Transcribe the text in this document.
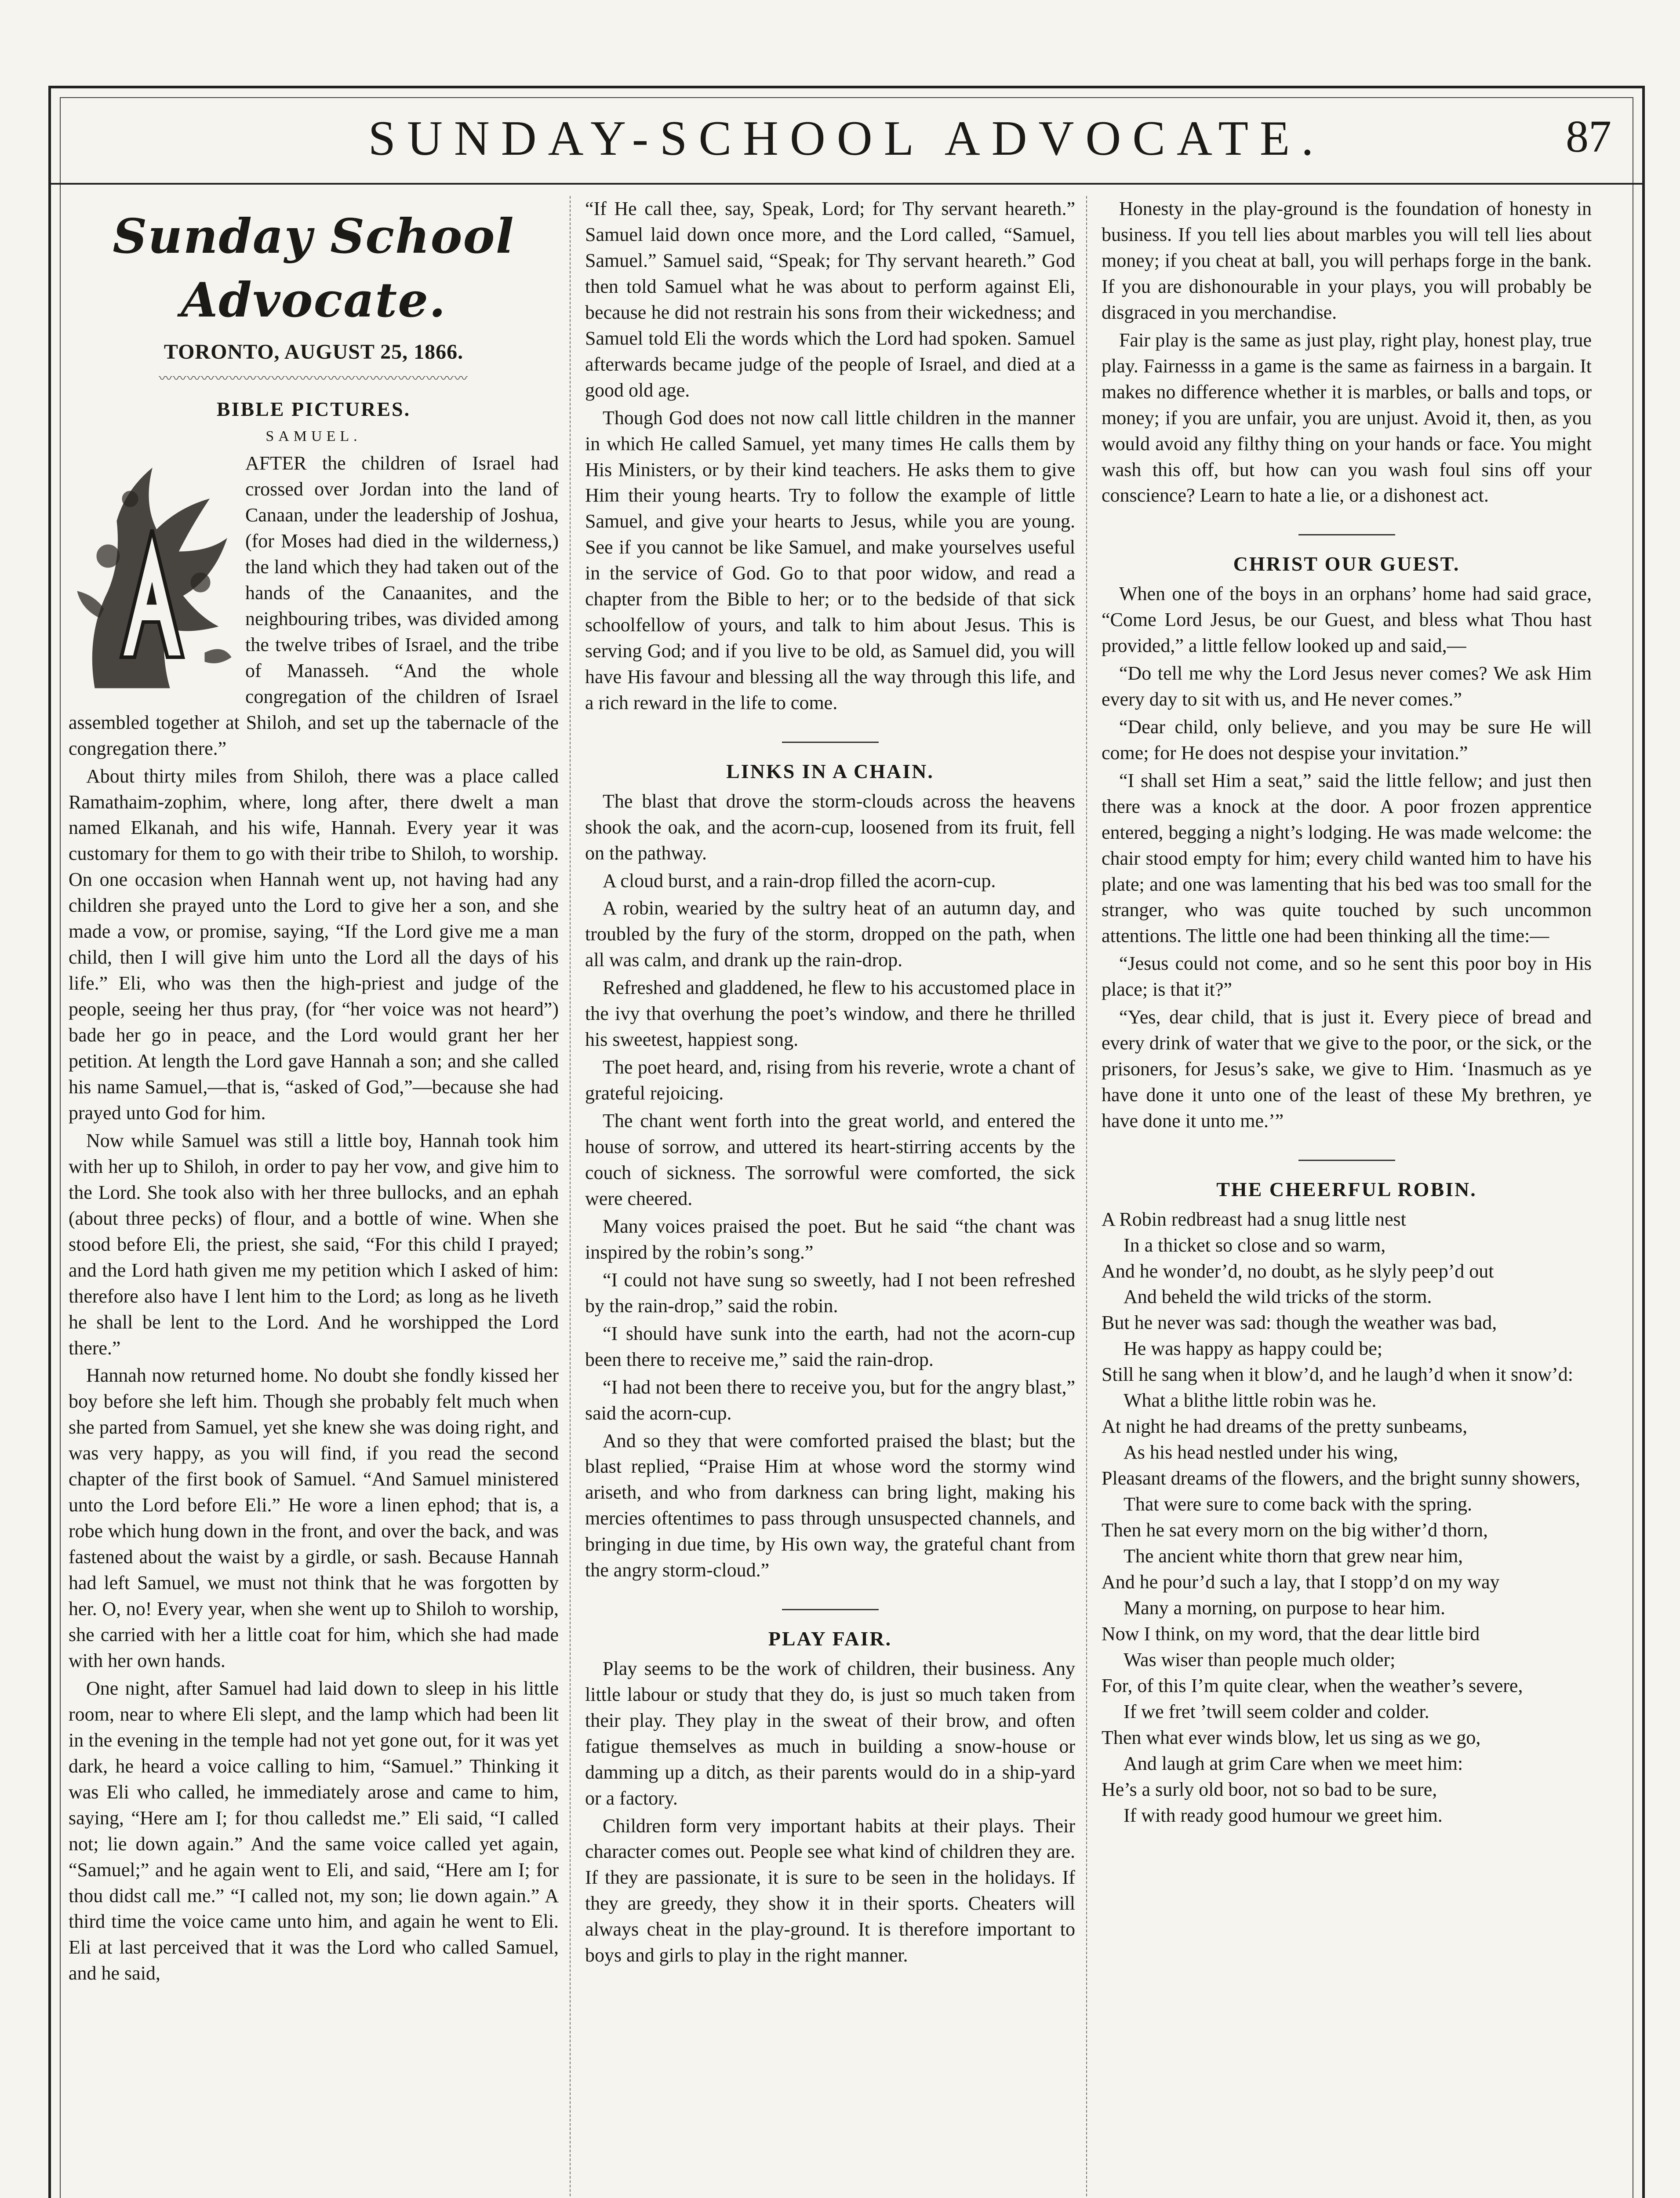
SUNDAY-SCHOOL ADVOCATE.	87
Sunday School Advocate.
TORONTO, AUGUST 25, 1866.
〰〰〰〰〰〰〰〰〰〰〰〰〰〰〰〰〰〰〰〰〰〰
BIBLE PICTURES.
SAMUEL.

AFTER the children of Israel had crossed over Jordan into the land of Canaan, under the leadership of Joshua, (for Moses had died in the wilderness,) the land which they had taken out of the hands of the Canaanites, and the neighbouring tribes, was divided among the twelve tribes of Israel, and the tribe of Manasseh. “And the whole congregation of the children of Israel assembled together at Shiloh, and set up the tabernacle of the congregation there.”

About thirty miles from Shiloh, there was a place called Ramathaim-zophim, where, long after, there dwelt a man named Elkanah, and his wife, Hannah. Every year it was customary for them to go with their tribe to Shiloh, to worship. On one occasion when Hannah went up, not having had any children she prayed unto the Lord to give her a son, and she made a vow, or promise, saying, “If the Lord give me a man child, then I will give him unto the Lord all the days of his life.” Eli, who was then the high-priest and judge of the people, seeing her thus pray, (for “her voice was not heard”) bade her go in peace, and the Lord would grant her her petition. At length the Lord gave Hannah a son; and she called his name Samuel,—that is, “asked of God,”—because she had prayed unto God for him.

Now while Samuel was still a little boy, Hannah took him with her up to Shiloh, in order to pay her vow, and give him to the Lord. She took also with her three bullocks, and an ephah (about three pecks) of flour, and a bottle of wine. When she stood before Eli, the priest, she said, “For this child I prayed; and the Lord hath given me my petition which I asked of him: therefore also have I lent him to the Lord; as long as he liveth he shall be lent to the Lord. And he worshipped the Lord there.”

Hannah now returned home. No doubt she fondly kissed her boy before she left him. Though she probably felt much when she parted from Samuel, yet she knew she was doing right, and was very happy, as you will find, if you read the second chapter of the first book of Samuel. “And Samuel ministered unto the Lord before Eli.” He wore a linen ephod; that is, a robe which hung down in the front, and over the back, and was fastened about the waist by a girdle, or sash. Because Hannah had left Samuel, we must not think that he was forgotten by her. O, no! Every year, when she went up to Shiloh to worship, she carried with her a little coat for him, which she had made with her own hands.

One night, after Samuel had laid down to sleep in his little room, near to where Eli slept, and the lamp which had been lit in the evening in the temple had not yet gone out, for it was yet dark, he heard a voice calling to him, “Samuel.” Thinking it was Eli who called, he immediately arose and came to him, saying, “Here am I; for thou calledst me.” Eli said, “I called not; lie down again.” And the same voice called yet again, “Samuel;” and he again went to Eli, and said, “Here am I; for thou didst call me.” “I called not, my son; lie down again.” A third time the voice came unto him, and again he went to Eli. Eli at last perceived that it was the Lord who called Samuel, and he said,

“If He call thee, say, Speak, Lord; for Thy servant heareth.” Samuel laid down once more, and the Lord called, “Samuel, Samuel.” Samuel said, “Speak; for Thy servant heareth.” God then told Samuel what he was about to perform against Eli, because he did not restrain his sons from their wickedness; and Samuel told Eli the words which the Lord had spoken. Samuel afterwards became judge of the people of Israel, and died at a good old age.

Though God does not now call little children in the manner in which He called Samuel, yet many times He calls them by His Ministers, or by their kind teachers. He asks them to give Him their young hearts. Try to follow the example of little Samuel, and give your hearts to Jesus, while you are young. See if you cannot be like Samuel, and make yourselves useful in the service of God. Go to that poor widow, and read a chapter from the Bible to her; or to the bedside of that sick schoolfellow of yours, and talk to him about Jesus. This is serving God; and if you live to be old, as Samuel did, you will have His favour and blessing all the way through this life, and a rich reward in the life to come.

LINKS IN A CHAIN.

The blast that drove the storm-clouds across the heavens shook the oak, and the acorn-cup, loosened from its fruit, fell on the pathway.

A cloud burst, and a rain-drop filled the acorn-cup.

A robin, wearied by the sultry heat of an autumn day, and troubled by the fury of the storm, dropped on the path, when all was calm, and drank up the rain-drop.

Refreshed and gladdened, he flew to his accustomed place in the ivy that overhung the poet’s window, and there he thrilled his sweetest, happiest song.

The poet heard, and, rising from his reverie, wrote a chant of grateful rejoicing.

The chant went forth into the great world, and entered the house of sorrow, and uttered its heart-stirring accents by the couch of sickness. The sorrowful were comforted, the sick were cheered.

Many voices praised the poet. But he said “the chant was inspired by the robin’s song.”

“I could not have sung so sweetly, had I not been refreshed by the rain-drop,” said the robin.

“I should have sunk into the earth, had not the acorn-cup been there to receive me,” said the rain-drop.

“I had not been there to receive you, but for the angry blast,” said the acorn-cup.

And so they that were comforted praised the blast; but the blast replied, “Praise Him at whose word the stormy wind ariseth, and who from darkness can bring light, making his mercies oftentimes to pass through unsuspected channels, and bringing in due time, by His own way, the grateful chant from the angry storm-cloud.”

PLAY FAIR.

Play seems to be the work of children, their business. Any little labour or study that they do, is just so much taken from their play. They play in the sweat of their brow, and often fatigue themselves as much in building a snow-house or damming up a ditch, as their parents would do in a ship-yard or a factory.

Children form very important habits at their plays. Their character comes out. People see what kind of children they are. If they are passionate, it is sure to be seen in the holidays. If they are greedy, they show it in their sports. Cheaters will always cheat in the play-ground. It is therefore important to boys and girls to play in the right manner.

Honesty in the play-ground is the foundation of honesty in business. If you tell lies about marbles you will tell lies about money; if you cheat at ball, you will perhaps forge in the bank. If you are dishonourable in your plays, you will probably be disgraced in you merchandise.

Fair play is the same as just play, right play, honest play, true play. Fairnesss in a game is the same as fairness in a bargain. It makes no difference whether it is marbles, or balls and tops, or money; if you are unfair, you are unjust. Avoid it, then, as you would avoid any filthy thing on your hands or face. You might wash this off, but how can you wash foul sins off your conscience? Learn to hate a lie, or a dishonest act.

CHRIST OUR GUEST.

When one of the boys in an orphans’ home had said grace, “Come Lord Jesus, be our Guest, and bless what Thou hast provided,” a little fellow looked up and said,—

“Do tell me why the Lord Jesus never comes? We ask Him every day to sit with us, and He never comes.”

“Dear child, only believe, and you may be sure He will come; for He does not despise your invitation.”

“I shall set Him a seat,” said the little fellow; and just then there was a knock at the door. A poor frozen apprentice entered, begging a night’s lodging. He was made welcome: the chair stood empty for him; every child wanted him to have his plate; and one was lamenting that his bed was too small for the stranger, who was quite touched by such uncommon attentions. The little one had been thinking all the time:—

“Jesus could not come, and so he sent this poor boy in His place; is that it?”

“Yes, dear child, that is just it. Every piece of bread and every drink of water that we give to the poor, or the sick, or the prisoners, for Jesus’s sake, we give to Him. ‘Inasmuch as ye have done it unto one of the least of these My brethren, ye have done it unto me.’”

THE CHEERFUL ROBIN.

A Robin redbreast had a snug little nest

In a thicket so close and so warm,

And he wonder’d, no doubt, as he slyly peep’d out

And beheld the wild tricks of the storm.

But he never was sad: though the weather was bad,

He was happy as happy could be;

Still he sang when it blow’d, and he laugh’d when it snow’d:

What a blithe little robin was he.

At night he had dreams of the pretty sunbeams,

As his head nestled under his wing,

Pleasant dreams of the flowers, and the bright sunny showers,

That were sure to come back with the spring.

Then he sat every morn on the big wither’d thorn,

The ancient white thorn that grew near him,

And he pour’d such a lay, that I stopp’d on my way

Many a morning, on purpose to hear him.

Now I think, on my word, that the dear little bird

Was wiser than people much older;

For, of this I’m quite clear, when the weather’s severe,

If we fret ’twill seem colder and colder.

Then what ever winds blow, let us sing as we go,

And laugh at grim Care when we meet him:

He’s a surly old boor, not so bad to be sure,

If with ready good humour we greet him.
